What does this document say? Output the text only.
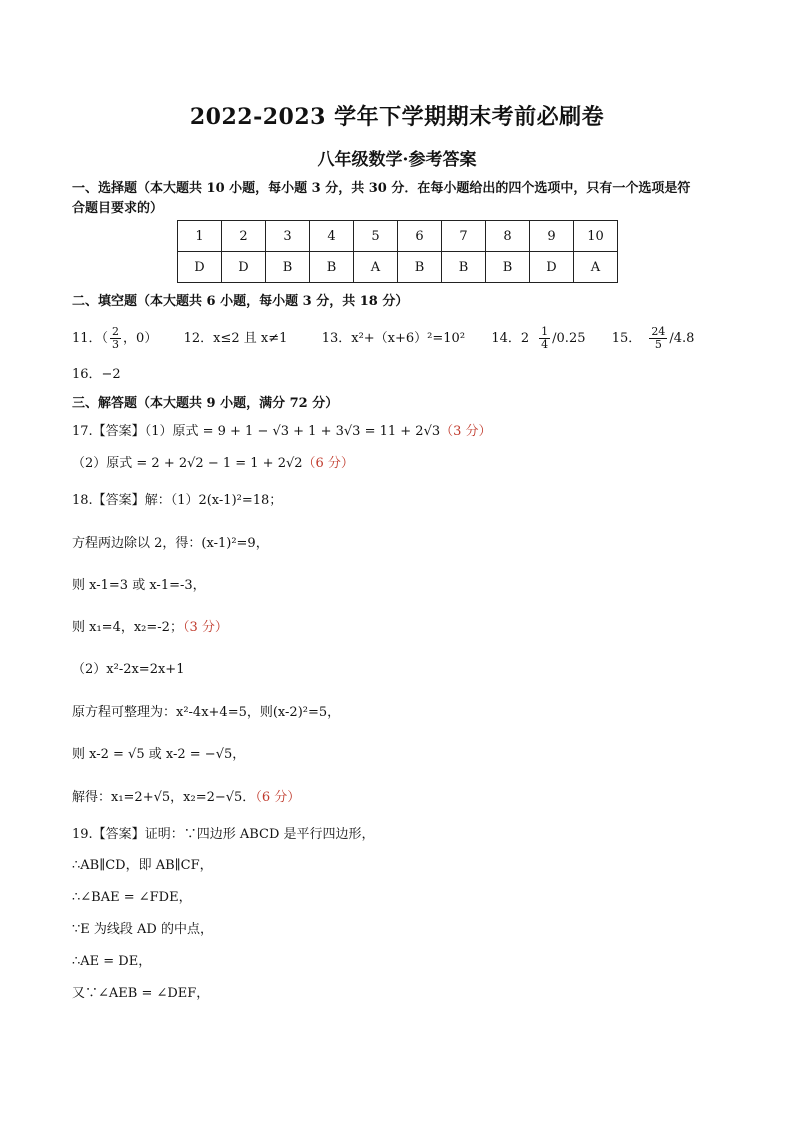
2022-2023 学年下学期期末考前必刷卷
八年级数学·参考答案
一、选择题（本大题共 10 小题，每小题 3 分，共 30 分．在每小题给出的四个选项中，只有一个选项是符
合题目要求的）
1	2	3	4	5	6	7	8	9	10
D	D	B	B	A	B	B	B	D	A
二、填空题（本大题共 6 小题，每小题 3 分，共 18 分）
11．（ $\frac{2}{3}$ ，0） 12．x≤2 且 x≠1	13．x²+（x+6）²=10² 14．$2 \frac{1}{4} /0.25$ 15． $\frac{24}{5} /4.8$
16．−2
三、解答题（本大题共 9 小题，满分 72 分）
17.【答案】（1）原式 = 9 + 1 − √3 + 1 + 3√3 = 11 + 2√3（3 分）
（2）原式 = 2 + 2√2 − 1 = 1 + 2√2（6 分）
18.【答案】解：（1）2(x-1)²=18；
方程两边除以 2，得：(x-1)²=9，
则 x-1=3 或 x-1=-3，
则 x₁=4，x₂=-2；（3 分）
（2）x²-2x=2x+1
原方程可整理为：x²-4x+4=5，则(x-2)²=5，
则 x-2 = √5 或 x-2 = −√5，
解得：x₁=2+√5，x₂=2−√5．（6 分）
19.【答案】证明：∵四边形 ABCD 是平行四边形，
∴AB∥CD，即 AB∥CF，
∴∠BAE = ∠FDE，
∵E 为线段 AD 的中点，
∴AE = DE，
又∵∠AEB = ∠DEF，
